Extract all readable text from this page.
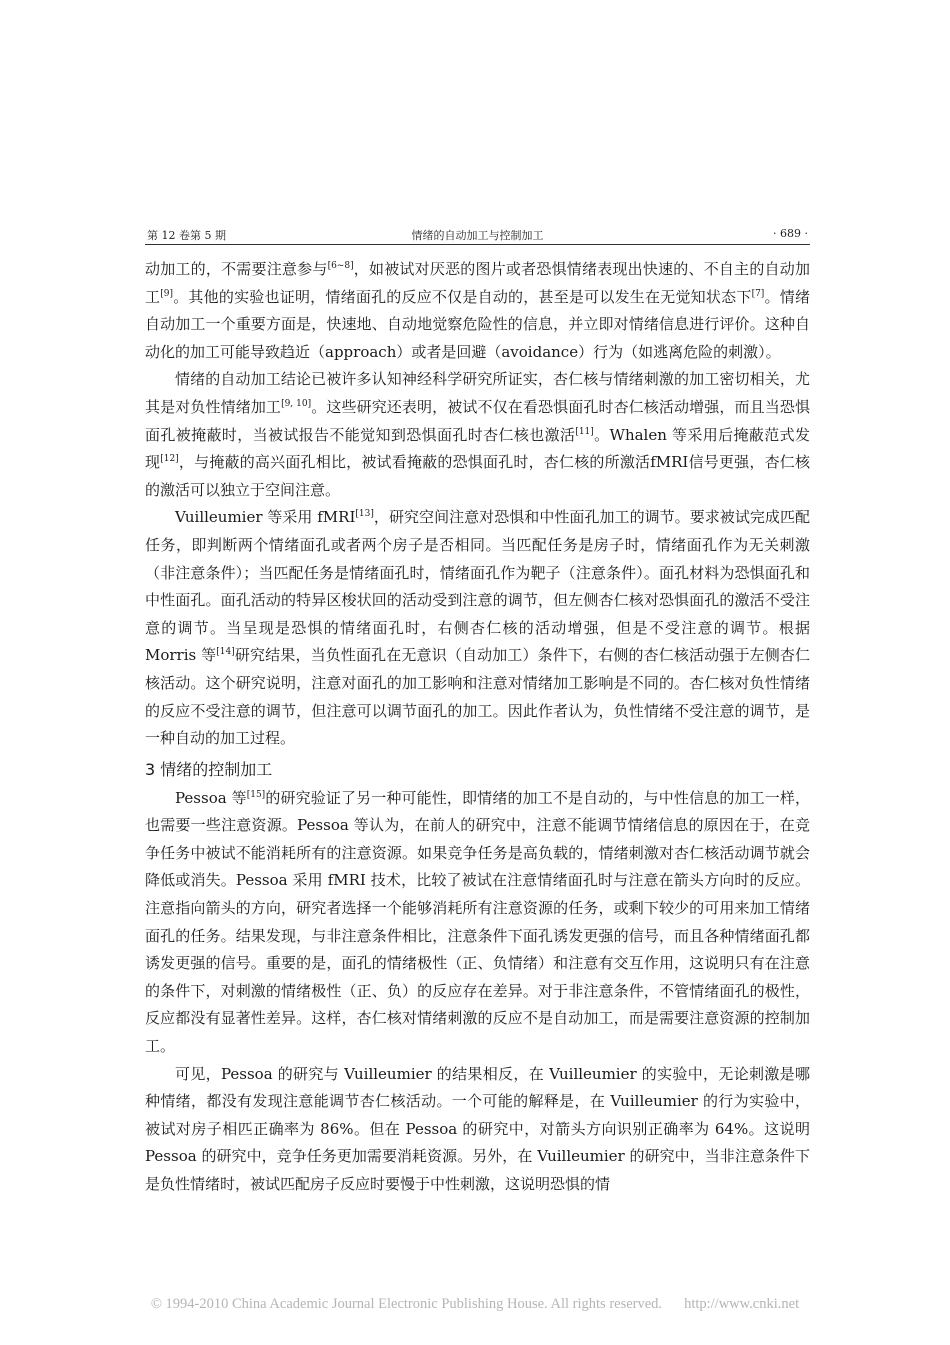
第 12 卷第 5 期	情绪的自动加工与控制加工	· 689 ·

动加工的，不需要注意参与[6~8]，如被试对厌恶的图片或者恐惧情绪表现出快速的、不自主的自动加工[9]。其他的实验也证明，情绪面孔的反应不仅是自动的，甚至是可以发生在无觉知状态下[7]。情绪自动加工一个重要方面是，快速地、自动地觉察危险性的信息，并立即对情绪信息进行评价。这种自动化的加工可能导致趋近（approach）或者是回避（avoidance）行为（如逃离危险的刺激）。

情绪的自动加工结论已被许多认知神经科学研究所证实，杏仁核与情绪刺激的加工密切相关，尤其是对负性情绪加工[9, 10]。这些研究还表明，被试不仅在看恐惧面孔时杏仁核活动增强，而且当恐惧面孔被掩蔽时，当被试报告不能觉知到恐惧面孔时杏仁核也激活[11]。Whalen 等采用后掩蔽范式发现[12]，与掩蔽的高兴面孔相比，被试看掩蔽的恐惧面孔时，杏仁核的所激活fMRI信号更强，杏仁核的激活可以独立于空间注意。

Vuilleumier 等采用 fMRI[13]，研究空间注意对恐惧和中性面孔加工的调节。要求被试完成匹配任务，即判断两个情绪面孔或者两个房子是否相同。当匹配任务是房子时，情绪面孔作为无关刺激（非注意条件）；当匹配任务是情绪面孔时，情绪面孔作为靶子（注意条件）。面孔材料为恐惧面孔和中性面孔。面孔活动的特异区梭状回的活动受到注意的调节，但左侧杏仁核对恐惧面孔的激活不受注意的调节。当呈现是恐惧的情绪面孔时，右侧杏仁核的活动增强，但是不受注意的调节。根据 Morris 等[14]研究结果，当负性面孔在无意识（自动加工）条件下，右侧的杏仁核活动强于左侧杏仁核活动。这个研究说明，注意对面孔的加工影响和注意对情绪加工影响是不同的。杏仁核对负性情绪的反应不受注意的调节，但注意可以调节面孔的加工。因此作者认为，负性情绪不受注意的调节，是一种自动的加工过程。

3 情绪的控制加工

Pessoa 等[15]的研究验证了另一种可能性，即情绪的加工不是自动的，与中性信息的加工一样，也需要一些注意资源。Pessoa 等认为，在前人的研究中，注意不能调节情绪信息的原因在于，在竞争任务中被试不能消耗所有的注意资源。如果竞争任务是高负载的，情绪刺激对杏仁核活动调节就会降低或消失。Pessoa 采用 fMRI 技术，比较了被试在注意情绪面孔时与注意在箭头方向时的反应。注意指向箭头的方向，研究者选择一个能够消耗所有注意资源的任务，或剩下较少的可用来加工情绪面孔的任务。结果发现，与非注意条件相比，注意条件下面孔诱发更强的信号，而且各种情绪面孔都诱发更强的信号。重要的是，面孔的情绪极性（正、负情绪）和注意有交互作用，这说明只有在注意的条件下，对刺激的情绪极性（正、负）的反应存在差异。对于非注意条件，不管情绪面孔的极性，反应都没有显著性差异。这样，杏仁核对情绪刺激的反应不是自动加工，而是需要注意资源的控制加工。

可见，Pessoa 的研究与 Vuilleumier 的结果相反，在 Vuilleumier 的实验中，无论刺激是哪种情绪，都没有发现注意能调节杏仁核活动。一个可能的解释是，在 Vuilleumier 的行为实验中，被试对房子相匹正确率为 86%。但在 Pessoa 的研究中，对箭头方向识别正确率为 64%。这说明 Pessoa 的研究中，竞争任务更加需要消耗资源。另外，在 Vuilleumier 的研究中，当非注意条件下是负性情绪时，被试匹配房子反应时要慢于中性刺激，这说明恐惧的情

© 1994-2010 China Academic Journal Electronic Publishing House. All rights reserved. http://www.cnki.net
